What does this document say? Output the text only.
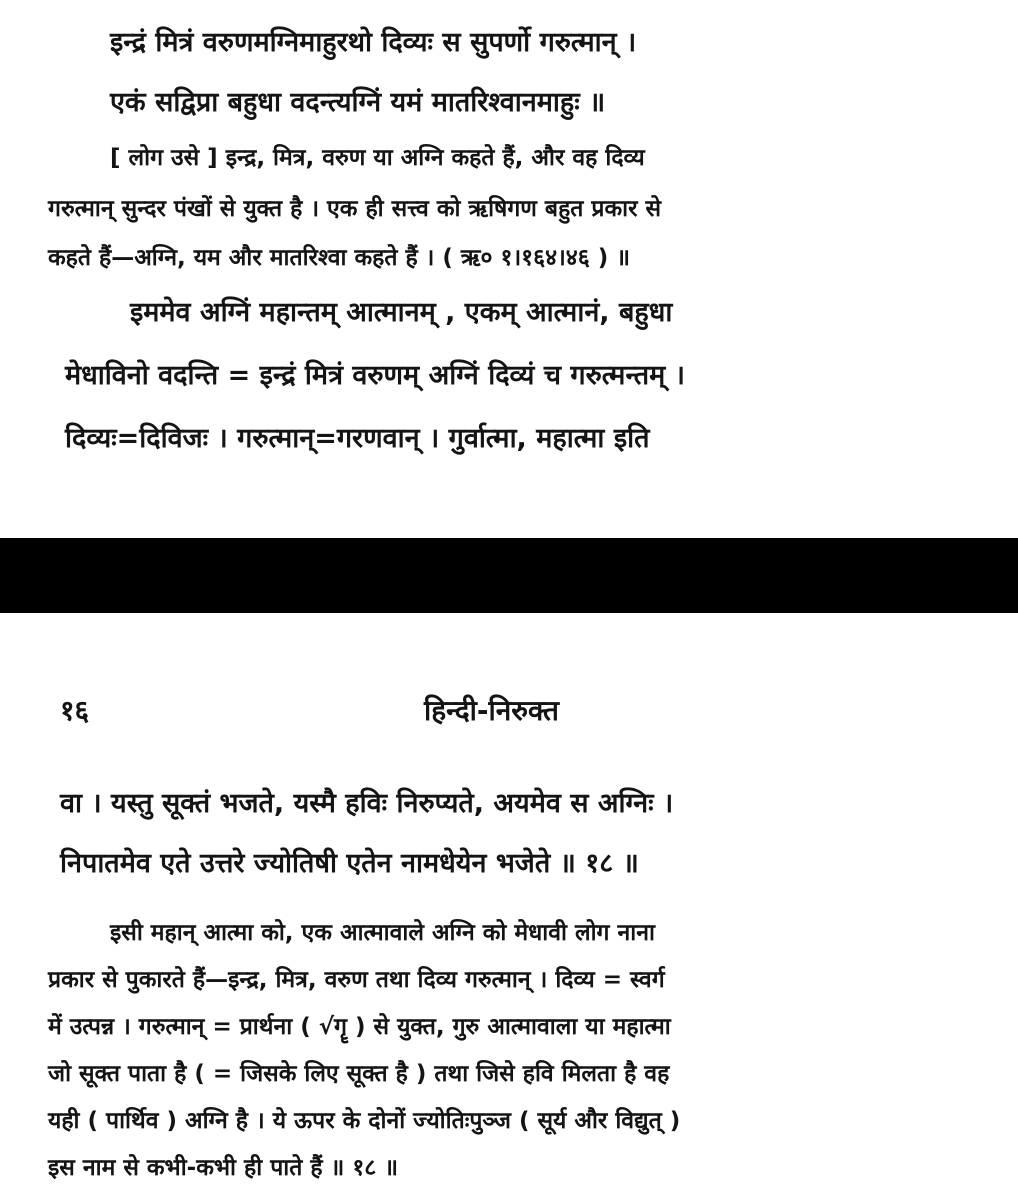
इन्द्रं मित्रं वरुणमग्निमाहुरथो दिव्यः स सुपर्णो गरुत्मान् ।
एकं सद्विप्रा बहुधा वदन्त्यग्निं यमं मातरिश्वानमाहुः ॥
[ लोग उसे ] इन्द्र, मित्र, वरुण या अग्नि कहते हैं, और वह दिव्य
गरुत्मान् सुन्दर पंखों से युक्त है । एक ही सत्त्व को ऋषिगण बहुत प्रकार से
कहते हैं—अग्नि, यम और मातरिश्वा कहते हैं । ( ऋ० १।१६४।४६ ) ॥
इममेव अग्निं महान्तम् आत्मानम् , एकम् आत्मानं, बहुधा
मेधाविनो वदन्ति = इन्द्रं मित्रं वरुणम् अग्निं दिव्यं च गरुत्मन्तम् ।
दिव्यः=दिविजः । गरुत्मान्=गरणवान् । गुर्वात्मा, महात्मा इति
१६	हिन्दी-निरुक्त
वा । यस्तु सूक्तं भजते, यस्मै हविः निरुप्यते, अयमेव स अग्निः ।
निपातमेव एते उत्तरे ज्योतिषी एतेन नामधेयेन भजेते ॥ १८ ॥
इसी महान् आत्मा को, एक आत्मावाले अग्नि को मेधावी लोग नाना
प्रकार से पुकारते हैं—इन्द्र, मित्र, वरुण तथा दिव्य गरुत्मान् । दिव्य = स्वर्ग
में उत्पन्न । गरुत्मान् = प्रार्थना ( √गॄ ) से युक्त, गुरु आत्मावाला या महात्मा
जो सूक्त पाता है ( = जिसके लिए सूक्त है ) तथा जिसे हवि मिलता है वह
यही ( पार्थिव ) अग्नि है । ये ऊपर के दोनों ज्योतिःपुञ्ज ( सूर्य और विद्युत् )
इस नाम से कभी-कभी ही पाते हैं ॥ १८ ॥
